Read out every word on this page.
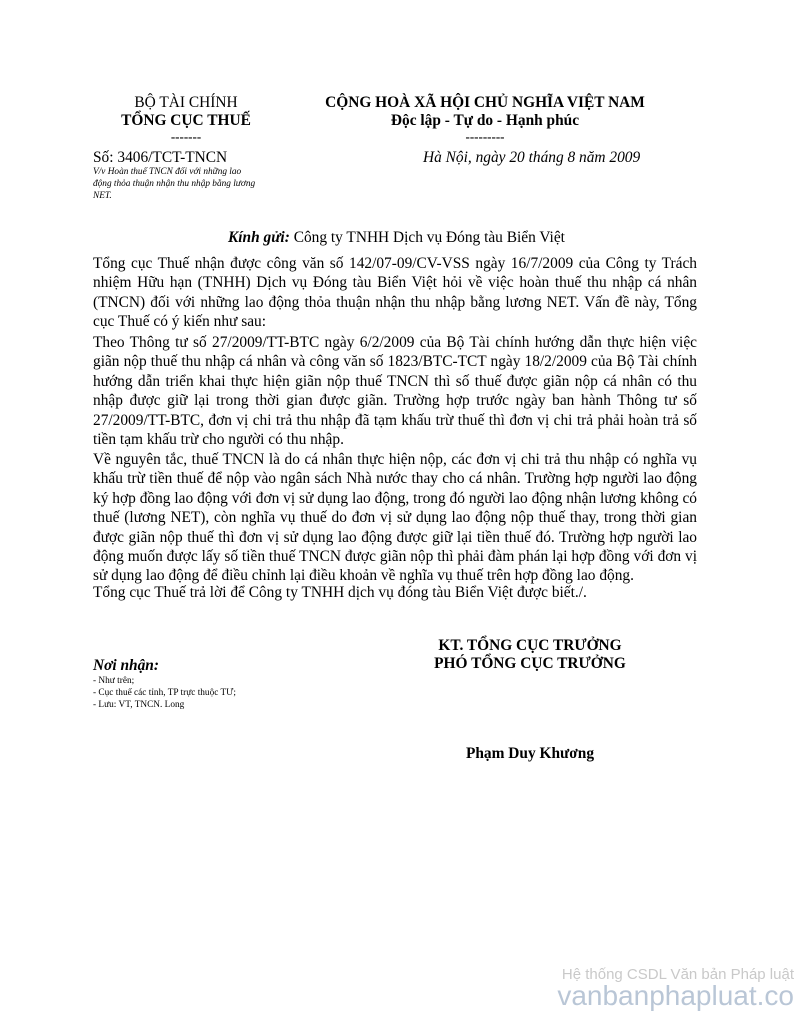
BỘ TÀI CHÍNH
TỔNG CỤC THUẾ
-------
CỘNG HOÀ XÃ HỘI CHỦ NGHĨA VIỆT NAM
Độc lập - Tự do - Hạnh phúc
---------
Số: 3406/TCT-TNCN	Hà Nội, ngày 20 tháng 8 năm 2009
V/v Hoàn thuế TNCN đối với những lao
động thỏa thuận nhận thu nhập bằng lương
NET.
Kính gửi: Công ty TNHH Dịch vụ Đóng tàu Biển Việt
Tổng cục Thuế nhận được công văn số 142/07-09/CV-VSS ngày 16/7/2009 của Công ty Trách nhiệm Hữu hạn (TNHH) Dịch vụ Đóng tàu Biển Việt hỏi về việc hoàn thuế thu nhập cá nhân (TNCN) đối với những lao động thỏa thuận nhận thu nhập bằng lương NET. Vấn đề này, Tổng cục Thuế có ý kiến như sau:
Theo Thông tư số 27/2009/TT-BTC ngày 6/2/2009 của Bộ Tài chính hướng dẫn thực hiện việc giãn nộp thuế thu nhập cá nhân và công văn số 1823/BTC-TCT ngày 18/2/2009 của Bộ Tài chính hướng dẫn triển khai thực hiện giãn nộp thuế TNCN thì số thuế được giãn nộp cá nhân có thu nhập được giữ lại trong thời gian được giãn. Trường hợp trước ngày ban hành Thông tư số 27/2009/TT-BTC, đơn vị chi trả thu nhập đã tạm khấu trừ thuế thì đơn vị chi trả phải hoàn trả số tiền tạm khấu trừ cho người có thu nhập.
Về nguyên tắc, thuế TNCN là do cá nhân thực hiện nộp, các đơn vị chi trả thu nhập có nghĩa vụ khấu trừ tiền thuế để nộp vào ngân sách Nhà nước thay cho cá nhân. Trường hợp người lao động ký hợp đồng lao động với đơn vị sử dụng lao động, trong đó người lao động nhận lương không có thuế (lương NET), còn nghĩa vụ thuế do đơn vị sử dụng lao động nộp thuế thay, trong thời gian được giãn nộp thuế thì đơn vị sử dụng lao động được giữ lại tiền thuế đó. Trường hợp người lao động muốn được lấy số tiền thuế TNCN được giãn nộp thì phải đàm phán lại hợp đồng với đơn vị sử dụng lao động để điều chỉnh lại điều khoản về nghĩa vụ thuế trên hợp đồng lao động.
Tổng cục Thuế trả lời để Công ty TNHH dịch vụ đóng tàu Biển Việt được biết./.
KT. TỔNG CỤC TRƯỞNG
PHÓ TỔNG CỤC TRƯỞNG
Phạm Duy Khương
Nơi nhận:
- Như trên;
- Cục thuế các tỉnh, TP trực thuộc TƯ;
- Lưu: VT, TNCN. Long
Hệ thống CSDL Văn bản Pháp luật
vanbanphapluat.co
